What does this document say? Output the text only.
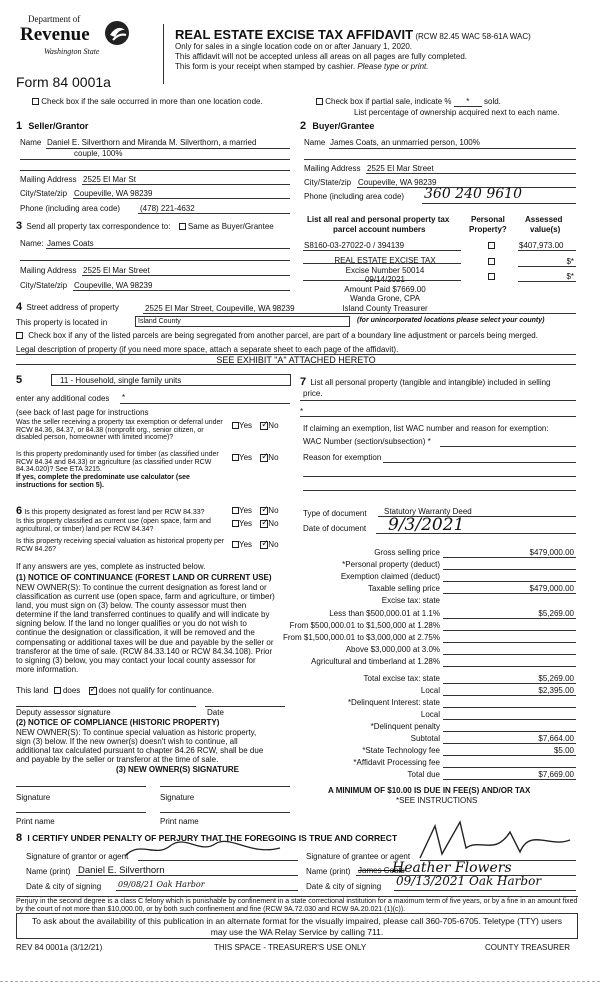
Department of
Revenue
Washington State
Form 84 0001a
REAL ESTATE EXCISE TAX AFFIDAVIT (RCW 82.45 WAC 58-61A WAC)
Only for sales in a single location code on or after January 1, 2020.
This affidavit will not be accepted unless all areas on all pages are fully completed.
This form is your receipt when stamped by cashier. Please type or print.
Check box if the sale occurred in more than one location code.	Check box if partial sale, indicate % * sold.
List percentage of ownership acquired next to each name.
1 Seller/Grantor
Name Daniel E. Silverthorn and Miranda M. Silverthorn, a married
couple, 100%
Mailing Address 2525 El Mar St
City/State/zip Coupeville, WA 98239
Phone (including area code) (478) 221-4632
2 Buyer/Grantee
Name James Coats, an unmarried person, 100%
Mailing Address 2525 El Mar Street
City/State/zip Coupeville, WA 98239
Phone (including area code) 360 240 9610
3 Send all property tax correspondence to: Same as Buyer/Grantee
Name: James Coats
Mailing Address 2525 El Mar Street
City/State/zip Coupeville, WA 98239
List all real and personal property tax
parcel account numbers
Personal
Property?
Assessed
value(s)
S8160-03-27022-0 / 394139	$407,973.00
REAL ESTATE EXCISE TAX
Excise Number 50014
09/14/2021
Amount Paid $7669.00
Wanda Grone, CPA
Island County Treasurer
$*
$*
4 Street address of property	2525 El Mar Street, Coupeville, WA 98239
This property is located in	Island County	(for unincorporated locations please select your county)
Check box if any of the listed parcels are being segregated from another parcel, are part of a boundary line adjustment or parcels being merged.
Legal description of property (if you need more space, attach a separate sheet to each page of the affidavit).
SEE EXHIBIT "A" ATTACHED HERETO
5	11 - Household, single family units
enter any additional codes *
(see back of last page for instructions
Was the seller receiving a property tax exemption or deferral under RCW 84.36, 84.37, or 84.38 (nonprofit org., senior citizen, or disabled person, homeowner with limited income)?
Yes ✓ No
Is this property predominantly used for timber (as classified under RCW 84.34 and 84.33) or agriculture (as classified under RCW 84.34.020)? See ETA 3215.
If yes, complete the predominate use calculator (see instructions for section 5).
Yes ✓ No
6 Is this property designated as forest land per RCW 84.33?	Yes ✓ No
Is this property classified as current use (open space, farm and agricultural, or timber) land per RCW 84.34?
Yes ✓ No
Is this property receiving special valuation as historical property per RCW 84.26?	Yes ✓ No
If any answers are yes, complete as instructed below.
(1) NOTICE OF CONTINUANCE (FOREST LAND OR CURRENT USE)
NEW OWNER(S): To continue the current designation as forest land or
classification as current use (open space, farm and agriculture, or timber)
land, you must sign on (3) below. The county assessor must then
determine if the land transferred continues to qualify and will indicate by
signing below. If the land no longer qualifies or you do not wish to
continue the designation or classification, it will be removed and the
compensating or additional taxes will be due and payable by the seller or
transferor at the time of sale. (RCW 84.33.140 or RCW 84.34.108). Prior
to signing (3) below, you may contact your local county assessor for
more information.
This land does ✓ does not qualify for continuance.
Deputy assessor signature	Date
(2) NOTICE OF COMPLIANCE (HISTORIC PROPERTY)
NEW OWNER(S): To continue special valuation as historic property,
sign (3) below. If the new owner(s) doesn't wish to continue, all
additional tax calculated pursuant to chapter 84.26 RCW, shall be due
and payable by the seller or transferor at the time of sale.
(3) NEW OWNER(S) SIGNATURE
Signature	Signature
Print name	Print name
7 List all personal property (tangible and intangible) included in selling
price.
*
If claiming an exemption, list WAC number and reason for exemption:
WAC Number (section/subsection) *
Reason for exemption
Type of document Statutory Warranty Deed
Date of document 9/3/2021
Gross selling price	$479,000.00
*Personal property (deduct)
Exemption claimed (deduct)
Taxable selling price	$479,000.00
Excise tax: state
Less than $500,000.01 at 1.1%	$5,269.00
From $500,000.01 to $1,500,000 at 1.28%
From $1,500,000.01 to $3,000,000 at 2.75%
Above $3,000,000 at 3.0%
Agricultural and timberland at 1.28%
Total excise tax: state	$5,269.00
Local	$2,395.00
*Delinquent Interest: state
Local
*Delinquent penalty
Subtotal	$7,664.00
*State Technology fee	$5.00
*Affidavit Processing fee
Total due	$7,669.00
A MINIMUM OF $10.00 IS DUE IN FEE(S) AND/OR TAX
*SEE INSTRUCTIONS
8 I CERTIFY UNDER PENALTY OF PERJURY THAT THE FOREGOING IS TRUE AND CORRECT
Signature of grantor or agent	Signature of grantee or agent
Name (print) Daniel E. Silverthorn	Name (print) James Coats
Heather Flowers
Date & city of signing 09/08/21 Oak Harbor	Date & city of signing 09/13/2021 Oak Harbor
Perjury in the second degree is a class C felony which is punishable by confinement in a state correctional institution for a maximum term of five years, or by a fine in an amount fixed by the court of not more than $10,000.00, or by both such confinement and fine (RCW 9A.72.030 and RCW 9A.20.021 (1)(c)).
To ask about the availability of this publication in an alternate format for the visually impaired, please call 360-705-6705. Teletype (TTY) users may use the WA Relay Service by calling 711.
REV 84 0001a (3/12/21)	THIS SPACE - TREASURER'S USE ONLY	COUNTY TREASURER
